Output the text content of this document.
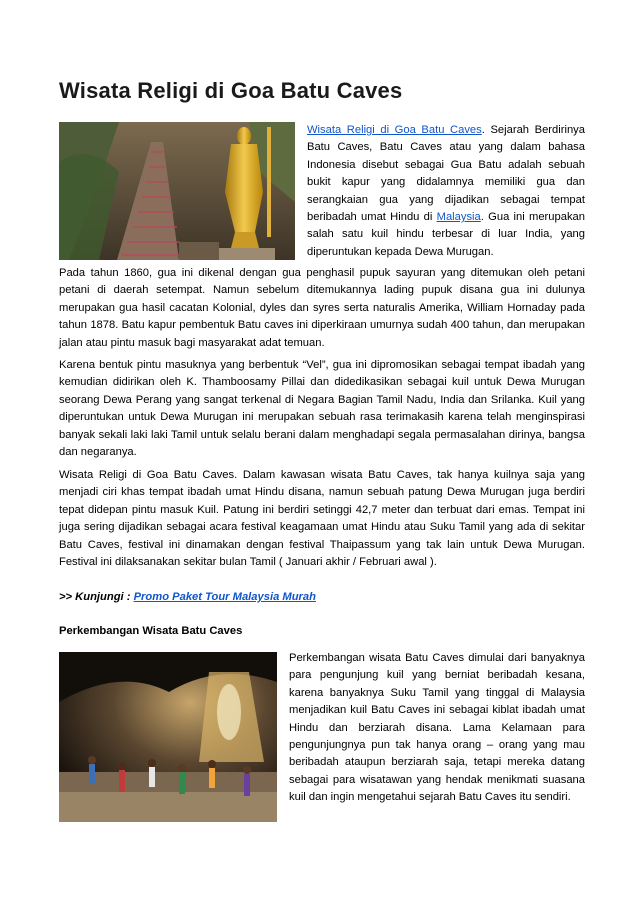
Wisata Religi di Goa Batu Caves

Wisata Religi di Goa Batu Caves. Sejarah Berdirinya Batu Caves, Batu Caves atau yang dalam bahasa Indonesia disebut sebagai Gua Batu adalah sebuah bukit kapur yang didalamnya memiliki gua dan serangkaian gua yang dijadikan sebagai tempat beribadah umat Hindu di Malaysia. Gua ini merupakan salah satu kuil hindu terbesar di luar India, yang diperuntukan kepada Dewa Murugan.

Pada tahun 1860, gua ini dikenal dengan gua penghasil pupuk sayuran yang ditemukan oleh petani petani di daerah setempat. Namun sebelum ditemukannya lading pupuk disana gua ini dulunya merupakan gua hasil cacatan Kolonial, dyles dan syres serta naturalis Amerika, William Hornaday pada tahun 1878. Batu kapur pembentuk Batu caves ini diperkiraan umurnya sudah 400 tahun, dan merupakan jalan atau pintu masuk bagi masyarakat adat temuan.

Karena bentuk pintu masuknya yang berbentuk “Vel”, gua ini dipromosikan sebagai tempat ibadah yang kemudian didirikan oleh K. Thamboosamy Pillai dan didedikasikan sebagai kuil untuk Dewa Murugan seorang Dewa Perang yang sangat terkenal di Negara Bagian Tamil Nadu, India dan Srilanka. Kuil yang diperuntukan untuk Dewa Murugan ini merupakan sebuah rasa terimakasih karena telah menginspirasi banyak sekali laki laki Tamil untuk selalu berani dalam menghadapi segala permasalahan dirinya, bangsa dan negaranya.

Wisata Religi di Goa Batu Caves. Dalam kawasan wisata Batu Caves, tak hanya kuilnya saja yang menjadi ciri khas tempat ibadah umat Hindu disana, namun sebuah patung Dewa Murugan juga berdiri tepat didepan pintu masuk Kuil. Patung ini berdiri setinggi 42,7 meter dan terbuat dari emas. Tempat ini juga sering dijadikan sebagai acara festival keagamaan umat Hindu atau Suku Tamil yang ada di sekitar Batu Caves, festival ini dinamakan dengan festival Thaipassum yang tak lain untuk Dewa Murugan. Festival ini dilaksanakan sekitar bulan Tamil ( Januari akhir / Februari awal ).

>> Kunjungi : Promo Paket Tour Malaysia Murah
Perkembangan Wisata Batu Caves

Perkembangan wisata Batu Caves dimulai dari banyaknya para pengunjung kuil yang berniat beribadah kesana, karena banyaknya Suku Tamil yang tinggal di Malaysia menjadikan kuil Batu Caves ini sebagai kiblat ibadah umat Hindu dan berziarah disana. Lama Kelamaan para pengunjungnya pun tak hanya orang – orang yang mau beribadah ataupun berziarah saja, tetapi mereka datang sebagai para wisatawan yang hendak menikmati suasana kuil dan ingin mengetahui sejarah Batu Caves itu sendiri.
